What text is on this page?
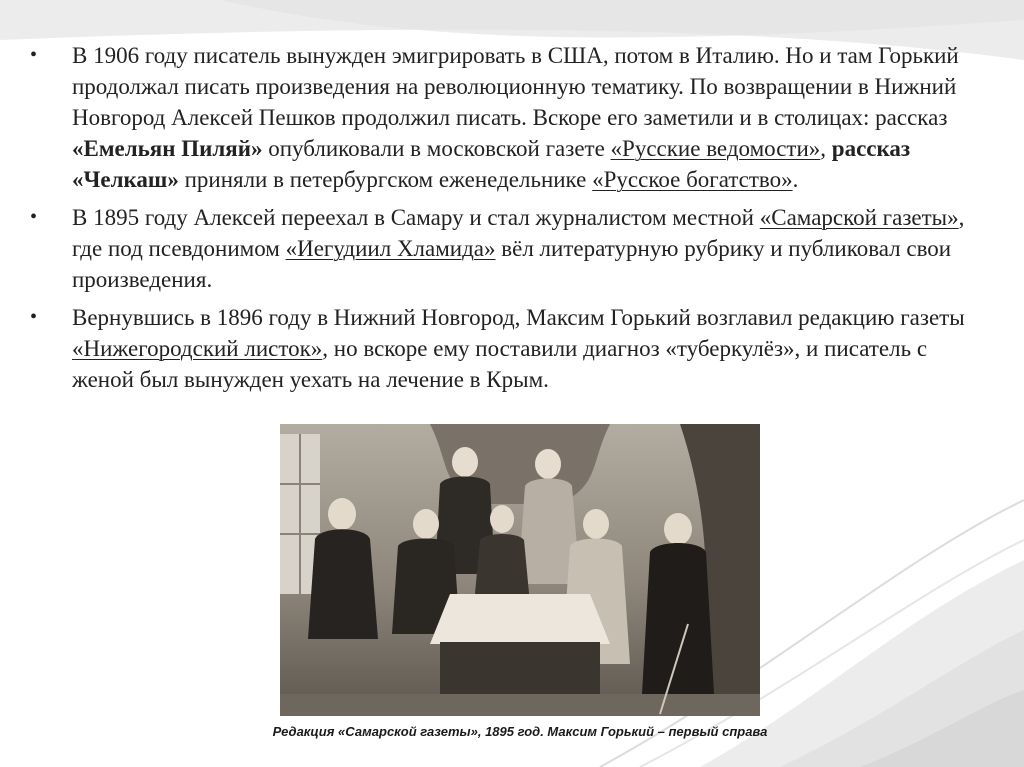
• В 1906 году писатель вынужден эмигрировать в США, потом в Италию. Но и там Горький продолжал писать произведения на революционную тематику. По возвращении в Нижний Новгород Алексей Пешков продолжил писать. Вскоре его заметили и в столицах: рассказ «Емельян Пиляй» опубликовали в московской газете «Русские ведомости», рассказ «Челкаш» приняли в петербургском еженедельнике «Русское богатство».
• В 1895 году Алексей переехал в Самару и стал журналистом местной «Самарской газеты», где под псевдонимом «Иегудиил Хламида» вёл литературную рубрику и публиковал свои произведения.
• Вернувшись в 1896 году в Нижний Новгород, Максим Горький возглавил редакцию газеты «Нижегородский листок», но вскоре ему поставили диагноз «туберкулёз», и писатель с женой был вынужден уехать на лечение в Крым.
Редакция «Самарской газеты», 1895 год. Максим Горький – первый справа
